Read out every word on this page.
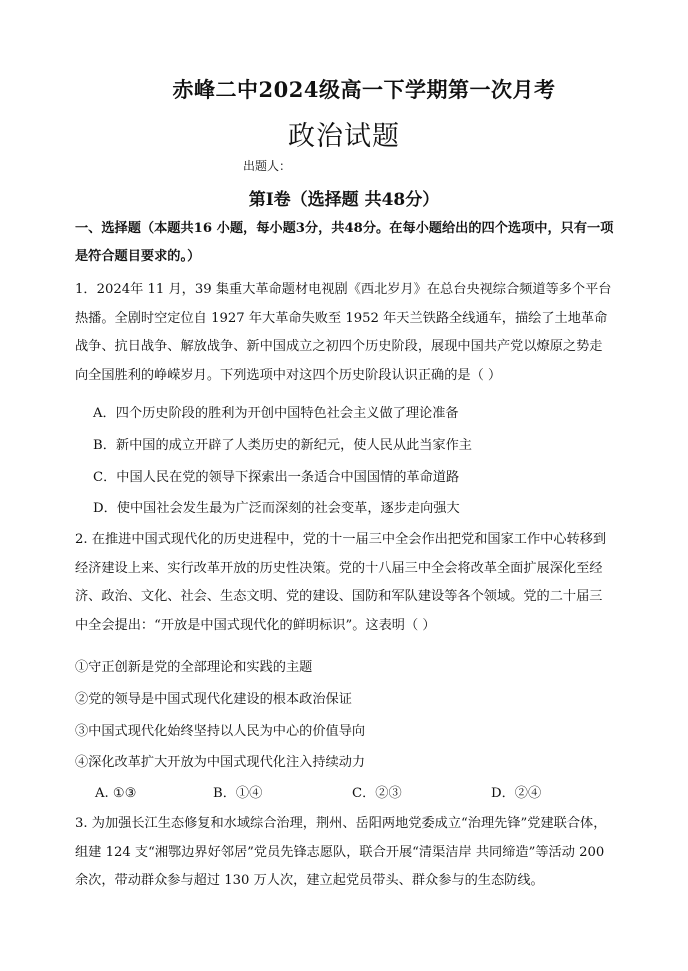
赤峰二中2024级高一下学期第一次月考
政治试题
出题人：
第Ⅰ卷（选择题 共48分）
一、选择题（本题共16 小题，每小题3分，共48分。在每小题给出的四个选项中，只有一项 是符合题目要求的。）
1．2024年 11 月，39 集重大革命题材电视剧《西北岁月》在总台央视综合频道等多个平台热播。全剧时空定位自 1927 年大革命失败至 1952 年天兰铁路全线通车，描绘了土地革命战争、抗日战争、解放战争、新中国成立之初四个历史阶段，展现中国共产党以燎原之势走向全国胜利的峥嵘岁月。下列选项中对这四个历史阶段认识正确的是（ ）
A．四个历史阶段的胜利为开创中国特色社会主义做了理论准备
B．新中国的成立开辟了人类历史的新纪元，使人民从此当家作主
C．中国人民在党的领导下探索出一条适合中国国情的革命道路
D．使中国社会发生最为广泛而深刻的社会变革，逐步走向强大
2. 在推进中国式现代化的历史进程中，党的十一届三中全会作出把党和国家工作中心转移到经济建设上来、实行改革开放的历史性决策。党的十八届三中全会将改革全面扩展深化至经济、政治、文化、社会、生态文明、党的建设、国防和军队建设等各个领域。党的二十届三中全会提出：“开放是中国式现代化的鲜明标识”。这表明（ ）
①守正创新是党的全部理论和实践的主题
②党的领导是中国式现代化建设的根本政治保证
③中国式现代化始终坚持以人民为中心的价值导向
④深化改革扩大开放为中国式现代化注入持续动力
A. ①③	B．①④	C．②③	D．②④
3. 为加强长江生态修复和水域综合治理，荆州、岳阳两地党委成立“治理先锋”党建联合体，组建 124 支“湘鄂边界好邻居”党员先锋志愿队，联合开展“清渠洁岸 共同缔造”等活动 200 余次，带动群众参与超过 130 万人次，建立起党员带头、群众参与的生态防线。
